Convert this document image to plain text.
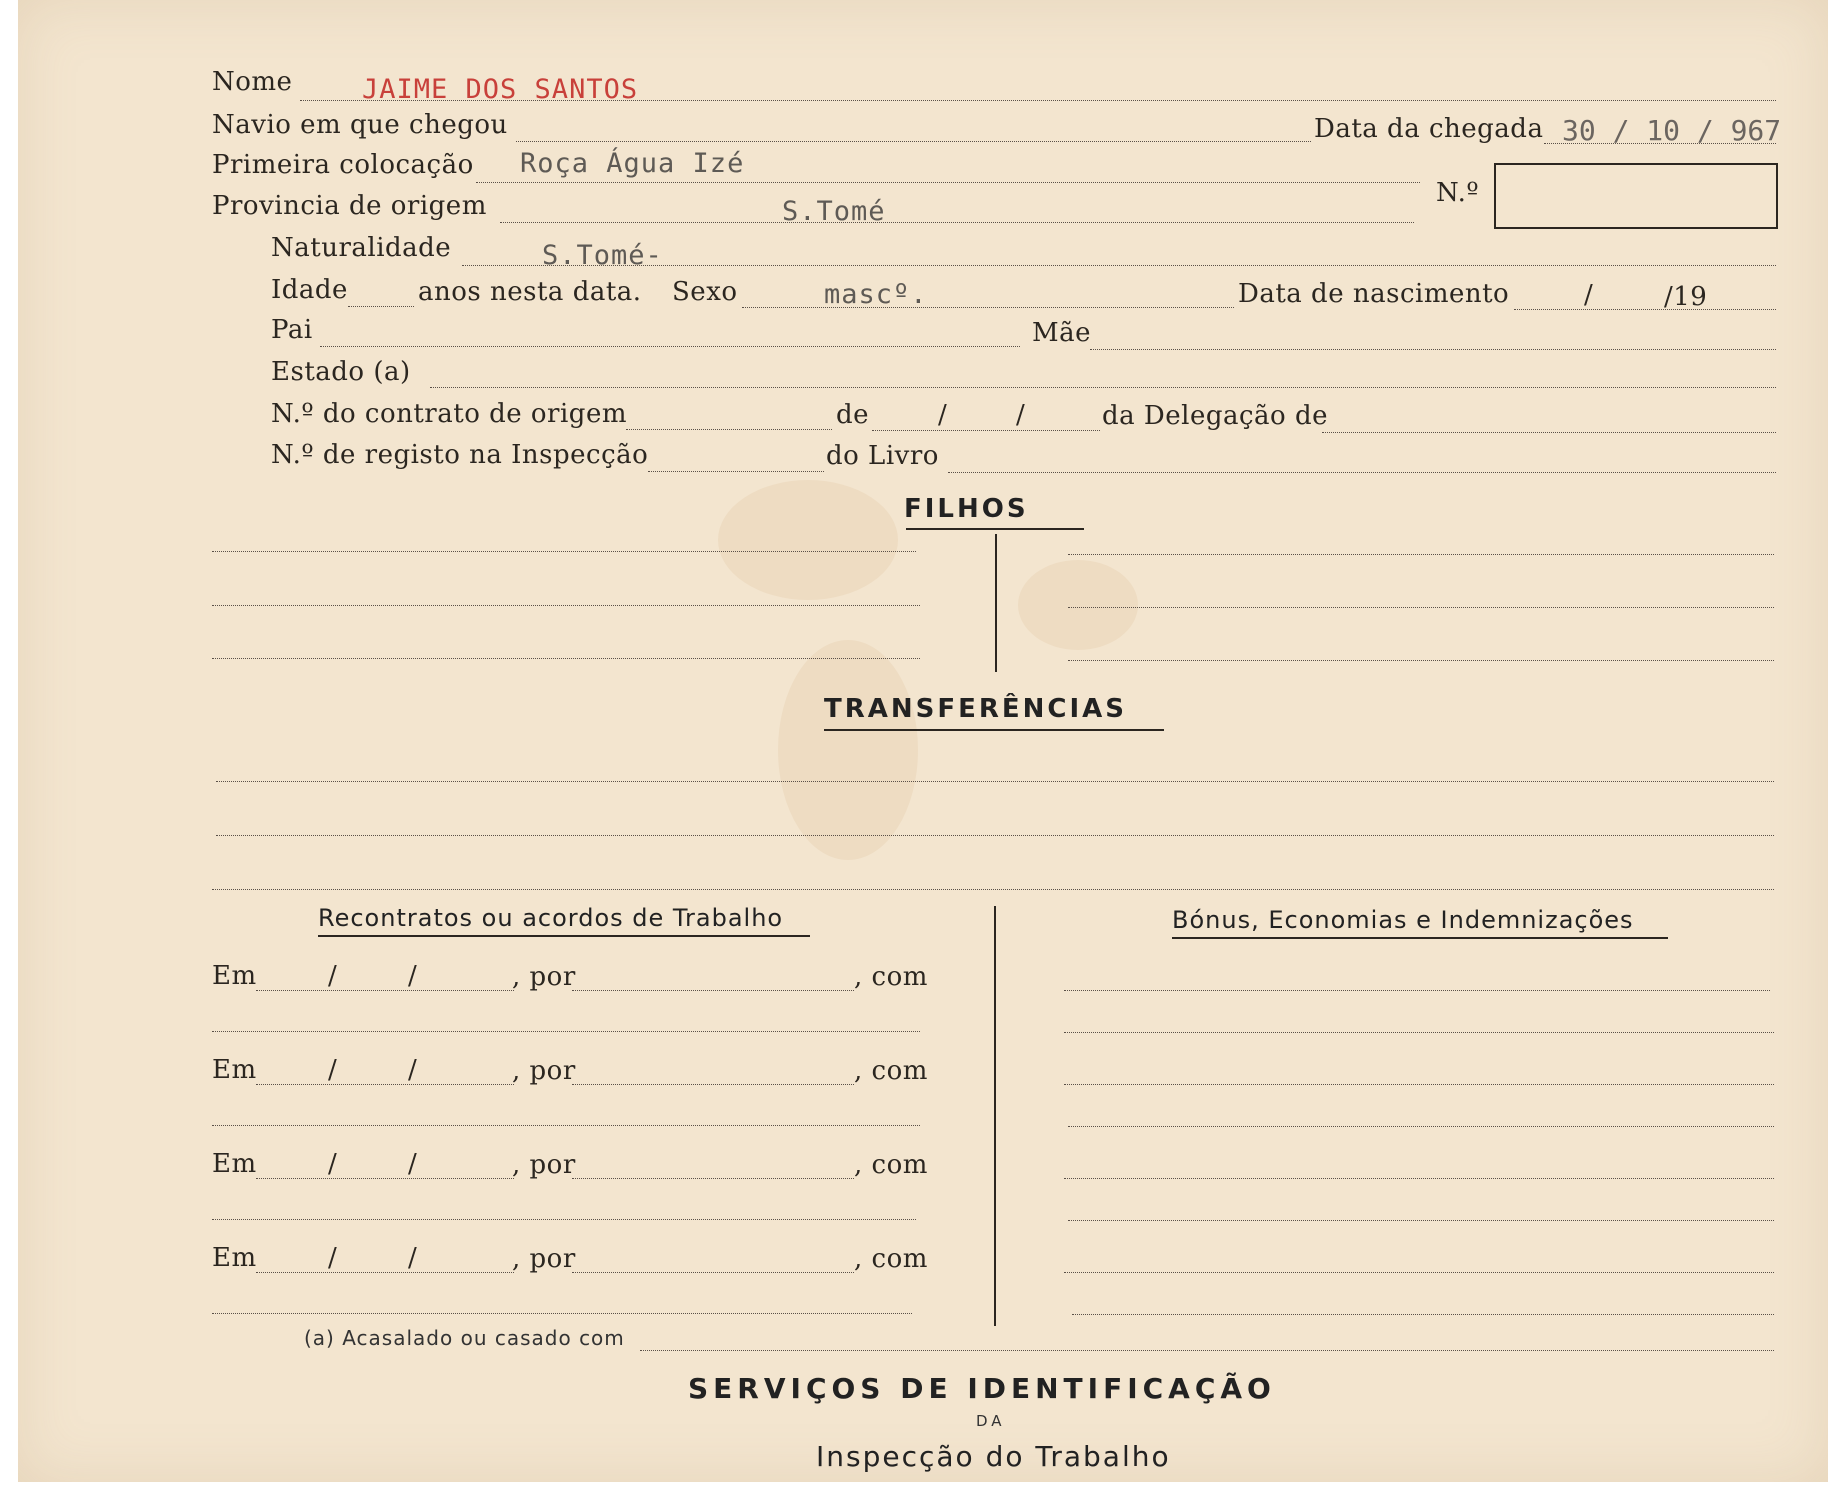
Nome	JAIME DOS SANTOS
Navio em que chegou	Data da chegada 30 / 10 / 967
Primeira colocação Roça Água Izé
N.º
Provincia de origem	S.Tomé
Naturalidade	S.Tomé-
Idade	anos nesta data. Sexo	mascº.	Data de nascimento	/	/19
Pai	Mãe
Estado (a)
N.º do contrato de origem	de	/	/	da Delegação de
N.º de registo na Inspecção	do Livro
FILHOS
TRANSFERÊNCIAS
Recontratos ou acordos de Trabalho	Bónus, Economias e Indemnizações
Em	/	/	, por	, com
Em	/	/	, por	, com
Em	/	/	, por	, com
Em	/	/	, por	, com
(a) Acasalado ou casado com
SERVIÇOS DE IDENTIFICAÇÃO
DA
Inspecção do Trabalho
